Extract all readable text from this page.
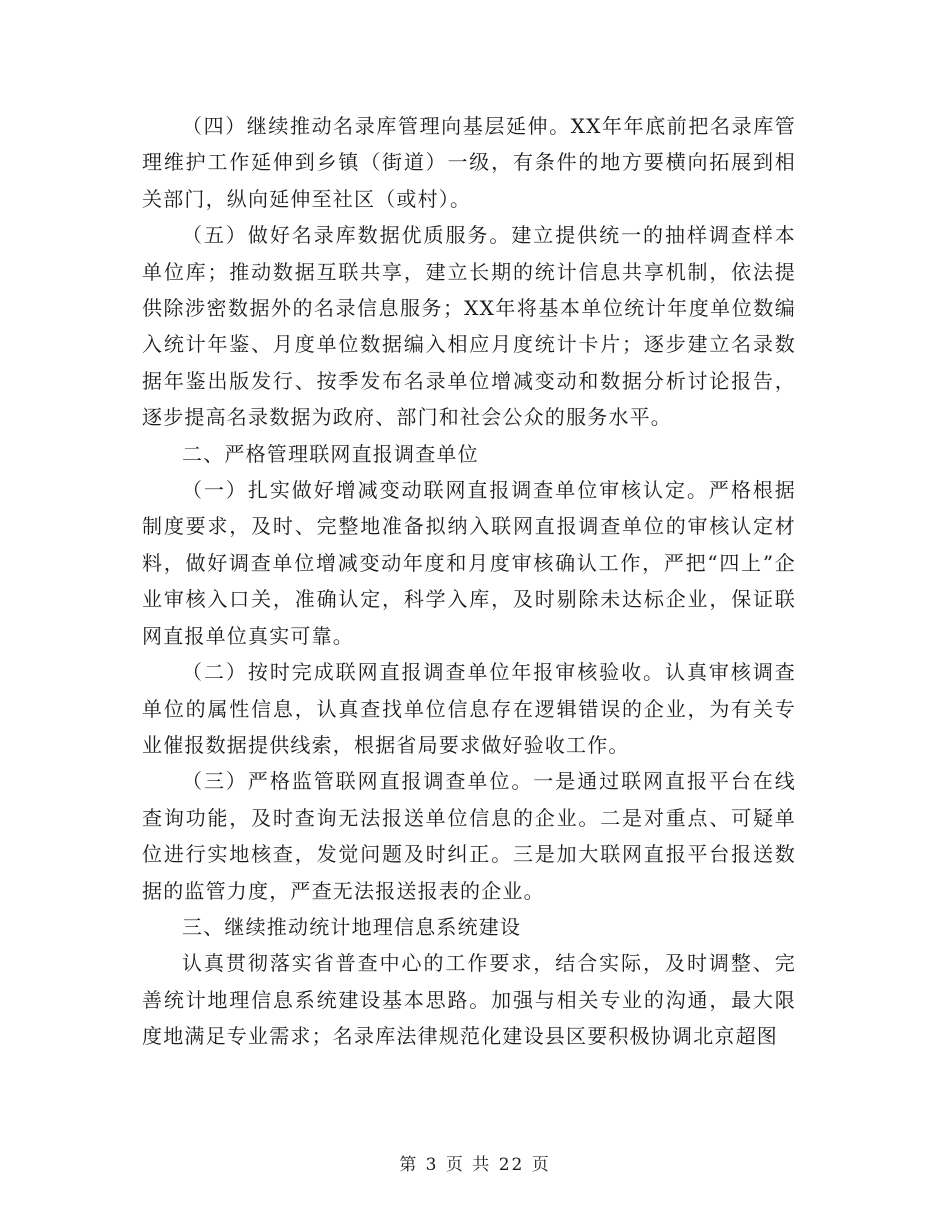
（四）继续推动名录库管理向基层延伸。XX年年底前把名录库管理维护工作延伸到乡镇（街道）一级，有条件的地方要横向拓展到相关部门，纵向延伸至社区（或村）。

（五）做好名录库数据优质服务。建立提供统一的抽样调查样本单位库；推动数据互联共享，建立长期的统计信息共享机制，依法提供除涉密数据外的名录信息服务；XX年将基本单位统计年度单位数编入统计年鉴、月度单位数据编入相应月度统计卡片；逐步建立名录数据年鉴出版发行、按季发布名录单位增减变动和数据分析讨论报告，逐步提高名录数据为政府、部门和社会公众的服务水平。

二、严格管理联网直报调查单位

（一）扎实做好增减变动联网直报调查单位审核认定。严格根据制度要求，及时、完整地准备拟纳入联网直报调查单位的审核认定材料，做好调查单位增减变动年度和月度审核确认工作，严把“四上”企业审核入口关，准确认定，科学入库，及时剔除未达标企业，保证联网直报单位真实可靠。

（二）按时完成联网直报调查单位年报审核验收。认真审核调查单位的属性信息，认真查找单位信息存在逻辑错误的企业，为有关专业催报数据提供线索，根据省局要求做好验收工作。

（三）严格监管联网直报调查单位。一是通过联网直报平台在线查询功能，及时查询无法报送单位信息的企业。二是对重点、可疑单位进行实地核查，发觉问题及时纠正。三是加大联网直报平台报送数据的监管力度，严查无法报送报表的企业。

三、继续推动统计地理信息系统建设

认真贯彻落实省普查中心的工作要求，结合实际，及时调整、完善统计地理信息系统建设基本思路。加强与相关专业的沟通，最大限度地满足专业需求；名录库法律规范化建设县区要积极协调北京超图

第 3 页 共 22 页
